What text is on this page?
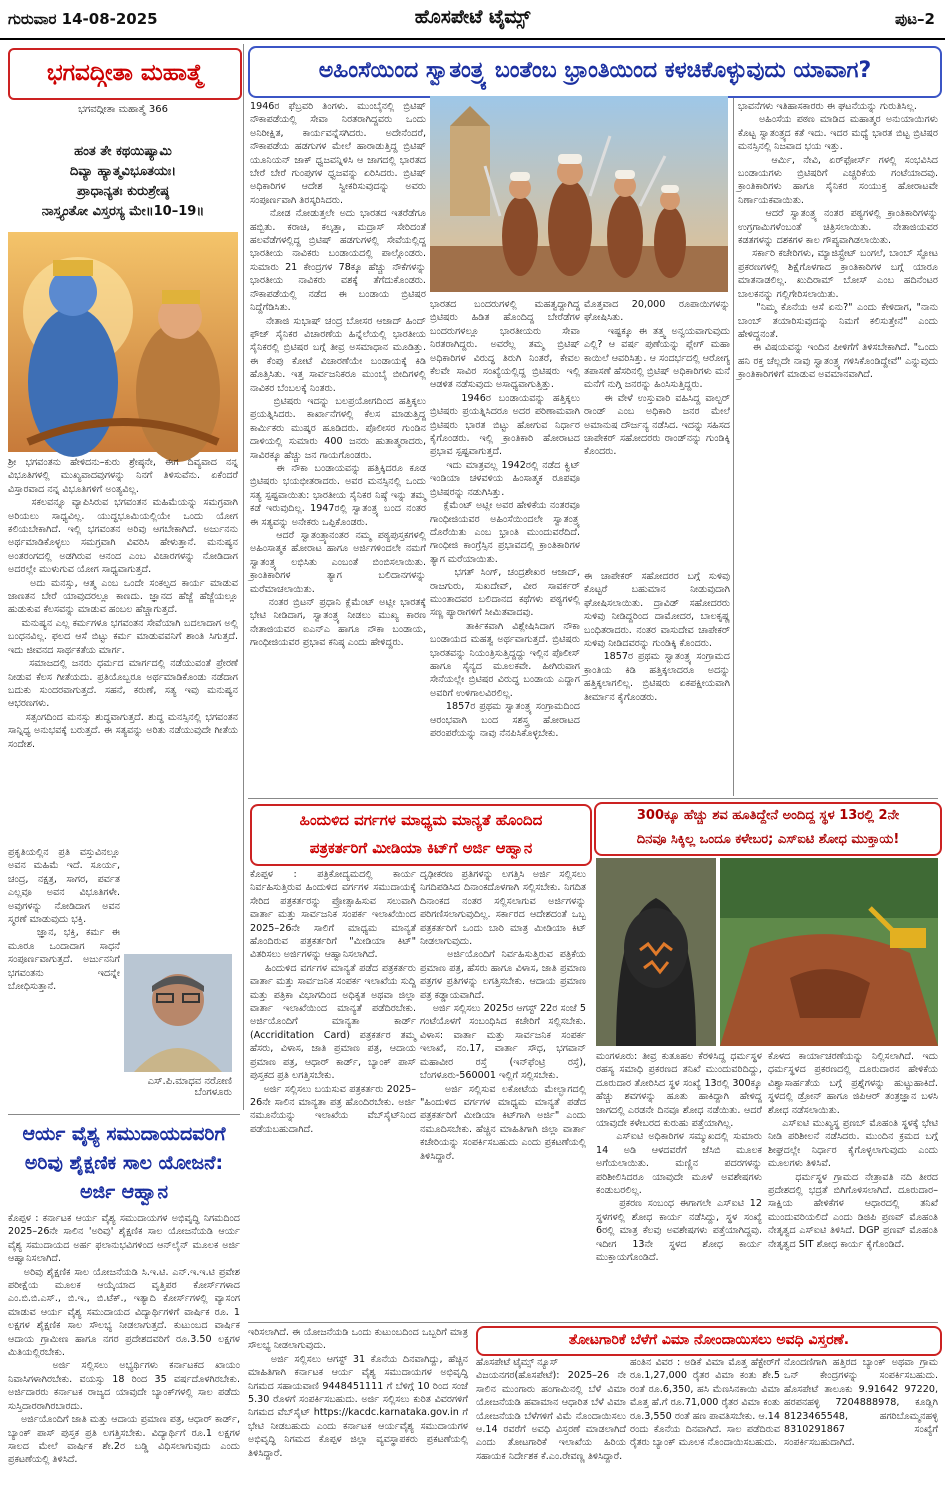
ಗುರುವಾರ 14-08-2025	ಹೊಸಪೇಟೆ ಟೈಮ್ಸ್	ಪುಟ–2
ಭಗವದ್ಗೀತಾ ಮಹಾತ್ಮೆ
ಭಗವದ್ಗೀತಾ ಮಹಾತ್ಮೆ 366
ಹಂತ ತೇ ಕಥಯಿಷ್ಯಾಮಿ
ದಿವ್ಯಾ ಹ್ಯಾತ್ಮವಿಭೂತಯಃ।
ಪ್ರಾಧಾನ್ಯತಃ ಕುರುಶ್ರೇಷ್ಠ
ನಾಸ್ತ್ಯಂತೋ ವಿಸ್ತರಸ್ಯ ಮೇ॥10–19॥

ಶ್ರೀ ಭಗವಂತನು ಹೇಳಿದನು–ಕುರು ಶ್ರೇಷ್ಠನೇ, ಈಗ ದಿವ್ಯವಾದ ನನ್ನ ವಿಭೂತಿಗಳಲ್ಲಿ ಮುಖ್ಯವಾದವುಗಳನ್ನು ನಿನಗೆ ತಿಳಿಸುವೆನು. ಏಕೆಂದರೆ ವಿಸ್ತಾರವಾದ ನನ್ನ ವಿಭೂತಿಗಳಿಗೆ ಅಂತ್ಯವಿಲ್ಲ.
ಸಕಲವನ್ನೂ ವ್ಯಾಪಿಸಿರುವ ಭಗವಂತನ ಮಹಿಮೆಯನ್ನು ಸಮಗ್ರವಾಗಿ ಅರಿಯಲು ಸಾಧ್ಯವಿಲ್ಲ. ಯುದ್ಧಭೂಮಿಯಲ್ಲಿಯೇ ಒಂದು ಯೋಗ ಕಲಿಯಬೇಕಾಗಿದೆ. ಇಲ್ಲಿ ಭಗವಂತನ ಅರಿವು ಆಗಬೇಕಾಗಿದೆ. ಅರ್ಜುನನು ಅರ್ಥಮಾಡಿಕೊಳ್ಳಲು ಸಮಗ್ರವಾಗಿ ವಿವರಿಸಿ ಹೇಳುತ್ತಾನೆ. ಮನುಷ್ಯನ ಅಂತರಂಗದಲ್ಲಿ ಅಡಗಿರುವ ಆನಂದ ಎಂಬ ವಿಚಾರಗಳನ್ನು ನೋಡಿದಾಗ ಅದರಲ್ಲೇ ಮುಳುಗುವ ಯೋಗ ಸಾಧ್ಯವಾಗುತ್ತದೆ.
ಅದು ಮನಸ್ಸು, ಆತ್ಮ ಎಂಬ ಒಂದೇ ಸಂಕಲ್ಪದ ಕಾರ್ಯ ಮಾಡುವ ಜಾಣತನ ಬೇರೆ ಯಾವುದರಲ್ಲೂ ಕಾಣದು. ಜ್ಞಾನದ ಹೆಜ್ಜೆ ಹೆಜ್ಜೆಯಲ್ಲೂ ಹುಡುಕುವ ಕೆಲಸವನ್ನು ಮಾಡುವ ಹಂಬಲ ಹೆಚ್ಚಾಗುತ್ತದೆ.
ಮನುಷ್ಯನ ಎಲ್ಲ ಕರ್ಮಗಳೂ ಭಗವಂತನ ಸೇವೆಯಾಗಿ ಬದಲಾದಾಗ ಅಲ್ಲಿ ಬಂಧನವಿಲ್ಲ. ಫಲದ ಆಸೆ ಬಿಟ್ಟು ಕರ್ಮ ಮಾಡುವವನಿಗೆ ಶಾಂತಿ ಸಿಗುತ್ತದೆ. ಇದು ಜೀವನದ ಸಾರ್ಥಕತೆಯ ಮಾರ್ಗ.
ಸಮಾಜದಲ್ಲಿ ಜನರು ಧರ್ಮದ ಮಾರ್ಗದಲ್ಲಿ ನಡೆಯುವಂತೆ ಪ್ರೇರಣೆ ನೀಡುವ ಕೆಲಸ ಗೀತೆಯದು. ಪ್ರತಿಯೊಬ್ಬರೂ ಅರ್ಥಮಾಡಿಕೊಂಡು ನಡೆದಾಗ ಬದುಕು ಸುಂದರವಾಗುತ್ತದೆ. ಸಹನೆ, ಕರುಣೆ, ಸತ್ಯ ಇವು ಮನುಷ್ಯನ ಆಭರಣಗಳು.
ಸತ್ಸಂಗದಿಂದ ಮನಸ್ಸು ಶುದ್ಧವಾಗುತ್ತದೆ. ಶುದ್ಧ ಮನಸ್ಸಿನಲ್ಲಿ ಭಗವಂತನ ಸಾನ್ನಿಧ್ಯ ಅನುಭವಕ್ಕೆ ಬರುತ್ತದೆ. ಈ ಸತ್ಯವನ್ನು ಅರಿತು ನಡೆಯುವುದೇ ಗೀತೆಯ ಸಂದೇಶ.

ಪ್ರಕೃತಿಯಲ್ಲಿನ ಪ್ರತಿ ವಸ್ತುವಿನಲ್ಲೂ ಅವನ ಮಹಿಮೆ ಇದೆ. ಸೂರ್ಯ, ಚಂದ್ರ, ನಕ್ಷತ್ರ, ಸಾಗರ, ಪರ್ವತ ಎಲ್ಲವೂ ಅವನ ವಿಭೂತಿಗಳೇ. ಅವುಗಳನ್ನು ನೋಡಿದಾಗ ಅವನ ಸ್ಮರಣೆ ಮಾಡುವುದು ಭಕ್ತಿ.
ಜ್ಞಾನ, ಭಕ್ತಿ, ಕರ್ಮ ಈ ಮೂರೂ ಒಂದಾದಾಗ ಸಾಧನೆ ಸಂಪೂರ್ಣವಾಗುತ್ತದೆ. ಅರ್ಜುನನಿಗೆ ಭಗವಂತನು ಇದನ್ನೇ ಬೋಧಿಸುತ್ತಾನೆ.

ಎಸ್.ಪಿ.ಮಾಧವ ನರೋಣಿ
ಬೆಂಗಳೂರು
ಅಹಿಂಸೆಯಿಂದ ಸ್ವಾತಂತ್ರ್ಯ ಬಂತೆಂಬ ಭ್ರಾಂತಿಯಿಂದ ಕಳಚಿಕೊಳ್ಳುವುದು ಯಾವಾಗ?

1946ರ ಫೆಬ್ರವರಿ ತಿಂಗಳು. ಮುಂಬೈನಲ್ಲಿ ಬ್ರಿಟಿಷ್ ನೌಕಾಪಡೆಯಲ್ಲಿ ಸೇವಾ ನಿರತರಾಗಿದ್ದವರು ಒಂದು ಅನಿರೀಕ್ಷಿತ, ಕಾರ್ಯವನ್ನೆಸಗಿದರು. ಅದೇನೆಂದರೆ, ನೌಕಾಪಡೆಯ ಹಡಗುಗಳ ಮೇಲೆ ಹಾರಾಡುತ್ತಿದ್ದ ಬ್ರಿಟಿಷ್ ಯೂನಿಯನ್ ಜಾಕ್ ಧ್ವಜವನ್ನಿಳಿಸಿ ಆ ಜಾಗದಲ್ಲಿ ಭಾರತದ ಬೇರೆ ಬೇರೆ ಗುಂಪುಗಳ ಧ್ವಜವನ್ನು ಏರಿಸಿದರು. ಬ್ರಿಟಿಷ್ ಅಧಿಕಾರಿಗಳ ಆದೇಶ ಸ್ವೀಕರಿಸುವುದನ್ನು ಅವರು ಸಂಪೂರ್ಣವಾಗಿ ತಿರಸ್ಕರಿಸಿದರು.
ನೋಡ ನೋಡುತ್ತಲೇ ಅದು ಭಾರತದ ಇತರೆಡೆಗೂ ಹಬ್ಬಿತು. ಕರಾಚಿ, ಕಲ್ಕತ್ತಾ, ಮದ್ರಾಸ್ ಸೇರಿದಂತೆ ಹಲವೆಡೆಗಳಲ್ಲಿದ್ದ ಬ್ರಿಟಿಷ್ ಹಡಗುಗಳಲ್ಲಿ ಸೇವೆಯಲ್ಲಿದ್ದ ಭಾರತೀಯ ನಾವಿಕರು ಬಂಡಾಯದಲ್ಲಿ ಪಾಲ್ಗೊಂಡರು. ಸುಮಾರು 21 ಕೇಂದ್ರಗಳ 78ಕ್ಕೂ ಹೆಚ್ಚು ನೌಕೆಗಳನ್ನು ಭಾರತೀಯ ನಾವಿಕರು ವಶಕ್ಕೆ ತೆಗೆದುಕೊಂಡರು. ನೌಕಾಪಡೆಯಲ್ಲಿ ನಡೆದ ಈ ಬಂಡಾಯ ಬ್ರಿಟಿಷರ ನಿದ್ದೆಗೆಡಿಸಿತು.
ನೇತಾಜಿ ಸುಭಾಷ್ ಚಂದ್ರ ಬೋಸರ ಆಜಾದ್ ಹಿಂದ್ ಫೌಜ್ ಸೈನಿಕರ ವಿಚಾರಣೆಯ ಹಿನ್ನೆಲೆಯಲ್ಲಿ ಭಾರತೀಯ ಸೈನಿಕರಲ್ಲಿ ಬ್ರಿಟಿಷರ ಬಗ್ಗೆ ತೀವ್ರ ಅಸಮಾಧಾನ ಮೂಡಿತ್ತು. ಈ ಕೆಂಪು ಕೋಟೆ ವಿಚಾರಣೆಯೇ ಬಂಡಾಯಕ್ಕೆ ಕಿಡಿ ಹೊತ್ತಿಸಿತು. ಇತ್ತ ಸಾರ್ವಜನಿಕರೂ ಮುಂಬೈ ಬೀದಿಗಳಲ್ಲಿ ನಾವಿಕರ ಬೆಂಬಲಕ್ಕೆ ನಿಂತರು.
ಬ್ರಿಟಿಷರು ಇದನ್ನು ಬಲಪ್ರಯೋಗದಿಂದ ಹತ್ತಿಕ್ಕಲು ಪ್ರಯತ್ನಿಸಿದರು. ಕಾರ್ಖಾನೆಗಳಲ್ಲಿ ಕೆಲಸ ಮಾಡುತ್ತಿದ್ದ ಕಾರ್ಮಿಕರು ಮುಷ್ಕರ ಹೂಡಿದರು. ಪೊಲೀಸರ ಗುಂಡಿನ ದಾಳಿಯಲ್ಲಿ ಸುಮಾರು 400 ಜನರು ಹುತಾತ್ಮರಾದರು, ಸಾವಿರಕ್ಕೂ ಹೆಚ್ಚು ಜನ ಗಾಯಗೊಂಡರು.
ಈ ನೌಕಾ ಬಂಡಾಯವನ್ನು ಹತ್ತಿಕ್ಕಿದರೂ ಕೂಡ ಬ್ರಿಟಿಷರು ಭಯಭೀತರಾದರು. ಅವರ ಮನಸ್ಸಿನಲ್ಲಿ ಒಂದು ಸತ್ಯ ಸ್ಪಷ್ಟವಾಯಿತು: ಭಾರತೀಯ ಸೈನಿಕರ ನಿಷ್ಠೆ ಇನ್ನು ತಮ್ಮ ಕಡೆ ಇರುವುದಿಲ್ಲ. 1947ರಲ್ಲಿ ಸ್ವಾತಂತ್ರ್ಯ ಬಂದ ನಂತರ ಈ ಸತ್ಯವನ್ನು ಅನೇಕರು ಒಪ್ಪಿಕೊಂಡರು.
ಆದರೆ ಸ್ವಾತಂತ್ರ್ಯಾನಂತರ ನಮ್ಮ ಪಠ್ಯಪುಸ್ತಕಗಳಲ್ಲಿ ಅಹಿಂಸಾತ್ಮಕ ಹೋರಾಟ ಹಾಗೂ ಅರ್ಜಿಗಳಿಂದಲೇ ನಮಗೆ ಸ್ವಾತಂತ್ರ್ಯ ಲಭಿಸಿತು ಎಂಬಂತೆ ಬಿಂಬಿಸಲಾಯಿತು. ಕ್ರಾಂತಿಕಾರಿಗಳ ತ್ಯಾಗ ಬಲಿದಾನಗಳನ್ನು ಮರೆಮಾಚಲಾಯಿತು.
ನಂತರ ಬ್ರಿಟನ್ ಪ್ರಧಾನಿ ಕ್ಲೆಮೆಂಟ್ ಅಟ್ಲೀ ಭಾರತಕ್ಕೆ ಭೇಟಿ ನೀಡಿದಾಗ, ಸ್ವಾತಂತ್ರ್ಯ ನೀಡಲು ಮುಖ್ಯ ಕಾರಣ ನೇತಾಜಿಯವರ ಐಎನ್‌ಎ ಹಾಗೂ ನೌಕಾ ಬಂಡಾಯ, ಗಾಂಧೀಜಿಯವರ ಪ್ರಭಾವ ಕನಿಷ್ಠ ಎಂದು ಹೇಳಿದ್ದರು.

ಭಾರತದ ಬಂದರುಗಳಲ್ಲಿ ಮಹತ್ವದ್ದಾಗಿದ್ದ ಬ್ರಿಟಿಷರು ಹಿಡಿತ ಹೊಂದಿದ್ದ ಬೇರೆಡೆಗಳ ಬಂದರುಗಳಲ್ಲೂ ಭಾರತೀಯರು ಸೇವಾ ನಿರತರಾಗಿದ್ದರು. ಅವರೆಲ್ಲ ತಮ್ಮ ಬ್ರಿಟಿಷ್ ಅಧಿಕಾರಿಗಳ ವಿರುದ್ಧ ತಿರುಗಿ ನಿಂತರೆ, ಕೇವಲ ಕೆಲವೇ ಸಾವಿರ ಸಂಖ್ಯೆಯಲ್ಲಿದ್ದ ಬ್ರಿಟಿಷರು ಇಲ್ಲಿ ಆಡಳಿತ ನಡೆಸುವುದು ಅಸಾಧ್ಯವಾಗುತ್ತಿತ್ತು.
1946ರ ಬಂಡಾಯವನ್ನು ಹತ್ತಿಕ್ಕಲು ಬ್ರಿಟಿಷರು ಪ್ರಯತ್ನಿಸಿದರೂ ಅದರ ಪರಿಣಾಮವಾಗಿ ಬ್ರಿಟಿಷರು ಭಾರತ ಬಿಟ್ಟು ಹೋಗುವ ನಿರ್ಧಾರ ಕೈಗೊಂಡರು. ಇಲ್ಲಿ ಕ್ರಾಂತಿಕಾರಿ ಹೋರಾಟದ ಪ್ರಭಾವ ಸ್ಪಷ್ಟವಾಗುತ್ತದೆ.
ಇದು ಮಾತ್ರವಲ್ಲ 1942ರಲ್ಲಿ ನಡೆದ ಕ್ವಿಟ್ ಇಂಡಿಯಾ ಚಳವಳಿಯ ಹಿಂಸಾತ್ಮಕ ರೂಪವೂ ಬ್ರಿಟಿಷರನ್ನು ನಡುಗಿಸಿತ್ತು.
ಕ್ಲೆಮೆಂಟ್ ಅಟ್ಲೀ ಅವರ ಹೇಳಿಕೆಯ ನಂತರವೂ ಗಾಂಧೀಜಿಯವರ ಅಹಿಂಸೆಯಿಂದಲೇ ಸ್ವಾತಂತ್ರ್ಯ ದೊರೆಯಿತು ಎಂಬ ಭ್ರಾಂತಿ ಮುಂದುವರೆದಿದೆ. ಗಾಂಧೀಜಿ ಕಾಂಗ್ರೆಸ್ಸಿನ ಪ್ರಭಾವದಲ್ಲಿ ಕ್ರಾಂತಿಕಾರಿಗಳ ತ್ಯಾಗ ಮರೆಯಾಯಿತು.
ಭಗತ್ ಸಿಂಗ್, ಚಂದ್ರಶೇಖರ ಆಜಾದ್, ರಾಜಗುರು, ಸುಖದೇವ್, ವೀರ ಸಾವರ್ಕರ್ ಮುಂತಾದವರ ಬಲಿದಾನದ ಕಥೆಗಳು ಪಠ್ಯಗಳಲ್ಲಿ ಸಣ್ಣ ಪ್ಯಾರಾಗಳಿಗೆ ಸೀಮಿತವಾದವು.
ತಾರ್ಕಿಕವಾಗಿ ವಿಶ್ಲೇಷಿಸಿದಾಗ ನೌಕಾ ಬಂಡಾಯದ ಮಹತ್ವ ಅರ್ಥವಾಗುತ್ತದೆ. ಬ್ರಿಟಿಷರು ಭಾರತವನ್ನು ನಿಯಂತ್ರಿಸುತ್ತಿದ್ದದ್ದು ಇಲ್ಲಿನ ಪೊಲೀಸ್ ಹಾಗೂ ಸೈನ್ಯದ ಮೂಲಕವೇ. ಹೀಗಿರುವಾಗ ಸೇನೆಯಲ್ಲೇ ಬ್ರಿಟಿಷರ ವಿರುದ್ಧ ಬಂಡಾಯ ಎದ್ದಾಗ ಅವರಿಗೆ ಉಳಿಗಾಲವಿರಲಿಲ್ಲ.
1857ರ ಪ್ರಥಮ ಸ್ವಾತಂತ್ರ್ಯ ಸಂಗ್ರಾಮದಿಂದ ಆರಂಭವಾಗಿ ಬಂದ ಸಶಸ್ತ್ರ ಹೋರಾಟದ ಪರಂಪರೆಯನ್ನು ನಾವು ನೆನಪಿಸಿಕೊಳ್ಳಬೇಕು.

ಮೊತ್ತವಾದ 20,000 ರೂಪಾಯಿಗಳನ್ನು ಘೋಷಿಸಿತು.
ಇಷ್ಟಕ್ಕೂ ಈ ತತ್ತ್ವ ಅನ್ವಯವಾಗುವುದು ಎಲ್ಲಿ? ಆ ವರ್ಷ ಪುಣೆಯನ್ನು ಪ್ಲೇಗ್ ಮಹಾ ಕಾಯಿಲೆ ಆವರಿಸಿತ್ತು. ಆ ಸಂದರ್ಭದಲ್ಲಿ ಆರೋಗ್ಯ ತಪಾಸಣೆ ಹೆಸರಿನಲ್ಲಿ ಬ್ರಿಟಿಷ್ ಅಧಿಕಾರಿಗಳು ಮನೆ ಮನೆಗೆ ನುಗ್ಗಿ ಜನರನ್ನು ಹಿಂಸಿಸುತ್ತಿದ್ದರು.
ಈ ವೇಳೆ ಉಸ್ತುವಾರಿ ವಹಿಸಿದ್ದ ವಾಲ್ಟರ್ ರಾಂಡ್ ಎಂಬ ಅಧಿಕಾರಿ ಜನರ ಮೇಲೆ ಅಮಾನುಷ ದೌರ್ಜನ್ಯ ನಡೆಸಿದ. ಇದನ್ನು ಸಹಿಸದ ಚಾಪೇಕರ್ ಸಹೋದರರು ರಾಂಡ್‌ನನ್ನು ಗುಂಡಿಕ್ಕಿ ಕೊಂದರು.

ಈ ಚಾಪೇಕರ್ ಸಹೋದರರ ಬಗ್ಗೆ ಸುಳಿವು ಕೊಟ್ಟರೆ ಬಹುಮಾನ ನೀಡುವುದಾಗಿ ಘೋಷಿಸಲಾಯಿತು. ದ್ರಾವಿಡ್ ಸಹೋದರರು ಸುಳಿವು ನೀಡಿದ್ದರಿಂದ ದಾಮೋದರ, ಬಾಲಕೃಷ್ಣ ಬಂಧಿತರಾದರು. ನಂತರ ವಾಸುದೇವ ಚಾಪೇಕರ್ ಸುಳಿವು ನೀಡಿದವರನ್ನು ಗುಂಡಿಕ್ಕಿ ಕೊಂದರು.
1857ರ ಪ್ರಥಮ ಸ್ವಾತಂತ್ರ್ಯ ಸಂಗ್ರಾಮದ ಕ್ರಾಂತಿಯ ಕಿಡಿ ಹತ್ತಿಕ್ಕಲಾದರೂ ಅದನ್ನು ಹತ್ತಿಕ್ಕಲಾಗಲಿಲ್ಲ. ಬ್ರಿಟಿಷರು ಏಕಪಕ್ಷೀಯವಾಗಿ ತೀರ್ಮಾನ ಕೈಗೊಂಡರು.

ಭಾವನೆಗಳು ಇತಿಹಾಸಕಾರರು ಈ ಘಟನೆಯನ್ನು ಗುರುತಿಸಿಲ್ಲ.
ಅಹಿಂಸೆಯ ಪಠಣ ಮಾಡಿದ ಮಹಾತ್ಮರ ಅನುಯಾಯಿಗಳು ಕೊಟ್ಟ ಸ್ವಾತಂತ್ರ್ಯದ ಕತೆ ಇದು. ಇದರ ಮಧ್ಯೆ ಭಾರತ ಬಿಟ್ಟ ಬ್ರಿಟಿಷರ ಮನಸ್ಸಿನಲ್ಲಿ ನಿಜವಾದ ಭಯ ಇತ್ತು.
ಆರ್ಮಿ, ನೇವಿ, ಏರ್‌ಫೋರ್ಸ್ ಗಳಲ್ಲಿ ಸಂಭವಿಸಿದ ಬಂಡಾಯಗಳು ಬ್ರಿಟಿಷರಿಗೆ ಎಚ್ಚರಿಕೆಯ ಗಂಟೆಯಾದವು. ಕ್ರಾಂತಿಕಾರಿಗಳು ಹಾಗೂ ಸೈನಿಕರ ಸಂಯುಕ್ತ ಹೋರಾಟವೇ ನಿರ್ಣಾಯಕವಾಯಿತು.
ಆದರೆ ಸ್ವಾತಂತ್ರ್ಯ ನಂತರ ಪಠ್ಯಗಳಲ್ಲಿ ಕ್ರಾಂತಿಕಾರಿಗಳನ್ನು ಉಗ್ರಗಾಮಿಗಳೆಂಬಂತೆ ಚಿತ್ರಿಸಲಾಯಿತು. ನೇತಾಜಿಯವರ ಕಡತಗಳನ್ನು ದಶಕಗಳ ಕಾಲ ಗೌಪ್ಯವಾಗಿಡಲಾಯಿತು.
ಸರ್ಕಾರಿ ಕಚೇರಿಗಳು, ಮ್ಯಾಜಿಸ್ಟ್ರೇಟ್ ಬಂಗಲೆ, ಬಾಂಬ್ ಸ್ಫೋಟ ಪ್ರಕರಣಗಳಲ್ಲಿ ಶಿಕ್ಷೆಗೊಳಗಾದ ಕ್ರಾಂತಿಕಾರಿಗಳ ಬಗ್ಗೆ ಯಾರೂ ಮಾತನಾಡಲಿಲ್ಲ. ಖುದಿರಾಮ್ ಬೋಸ್ ಎಂಬ ಹದಿನೆಂಟರ ಬಾಲಕನನ್ನು ಗಲ್ಲಿಗೇರಿಸಲಾಯಿತು.
"ನಿಮ್ಮ ಕೊನೆಯ ಆಸೆ ಏನು?" ಎಂದು ಕೇಳಿದಾಗ, "ನಾನು ಬಾಂಬ್ ತಯಾರಿಸುವುದನ್ನು ನಿಮಗೆ ಕಲಿಸುತ್ತೇನೆ" ಎಂದು ಹೇಳಿದ್ದನಂತೆ.
ಈ ವಿಷಯವನ್ನು ಇಂದಿನ ಪೀಳಿಗೆಗೆ ತಿಳಿಸಬೇಕಾಗಿದೆ. "ಒಂದು ಹನಿ ರಕ್ತ ಚೆಲ್ಲದೇ ನಾವು ಸ್ವಾತಂತ್ರ್ಯ ಗಳಿಸಿಕೊಂಡಿದ್ದೇವೆ" ಎನ್ನುವುದು ಕ್ರಾಂತಿಕಾರಿಗಳಿಗೆ ಮಾಡುವ ಅವಮಾನವಾಗಿದೆ.

ಹಿಂದುಳಿದ ವರ್ಗಗಳ ಮಾಧ್ಯಮ ಮಾನ್ಯತೆ ಹೊಂದಿದ
ಪತ್ರಕರ್ತರಿಗೆ ಮೀಡಿಯಾ ಕಿಟ್‌ಗೆ ಅರ್ಜಿ ಆಹ್ವಾನ

ಕೊಪ್ಪಳ : ಪತ್ರಿಕೋದ್ಯಮದಲ್ಲಿ ಕಾರ್ಯ ನಿರ್ವಹಿಸುತ್ತಿರುವ ಹಿಂದುಳಿದ ವರ್ಗಗಳ ಸಮುದಾಯಕ್ಕೆ ಸೇರಿದ ಪತ್ರಕರ್ತರನ್ನು ಪ್ರೋತ್ಸಾಹಿಸುವ ಸಲುವಾಗಿ ವಾರ್ತಾ ಮತ್ತು ಸಾರ್ವಜನಿಕ ಸಂಪರ್ಕ ಇಲಾಖೆಯಿಂದ 2025–26ನೇ ಸಾಲಿಗೆ ಮಾಧ್ಯಮ ಮಾನ್ಯತೆ ಹೊಂದಿರುವ ಪತ್ರಕರ್ತರಿಗೆ "ಮೀಡಿಯಾ ಕಿಟ್" ವಿತರಿಸಲು ಅರ್ಜಿಗಳನ್ನು ಆಹ್ವಾನಿಸಲಾಗಿದೆ.
ಹಿಂದುಳಿದ ವರ್ಗಗಳ ಮಾನ್ಯತೆ ಪಡೆದ ಪತ್ರಕರ್ತರು ವಾರ್ತಾ ಮತ್ತು ಸಾರ್ವಜನಿಕ ಸಂಪರ್ಕ ಇಲಾಖೆಯ ಸುದ್ದಿ ಮತ್ತು ಪತ್ರಿಕಾ ವಿಭಾಗದಿಂದ ಅಧಿಕೃತ ಅಥವಾ ಜಿಲ್ಲಾ ವಾರ್ತಾ ಇಲಾಖೆಯಿಂದ ಮಾನ್ಯತೆ ಪಡೆದಿರಬೇಕು. ಅರ್ಜಿಯೊಂದಿಗೆ ಮಾನ್ಯತಾ ಕಾರ್ಡ್ (Accriditation Card) ಪತ್ರಕರ್ತರ ತಮ್ಮ ಹೆಸರು, ವಿಳಾಸ, ಜಾತಿ ಪ್ರಮಾಣ ಪತ್ರ, ಆದಾಯ ಪ್ರಮಾಣ ಪತ್ರ, ಆಧಾರ್ ಕಾರ್ಡ್, ಬ್ಯಾಂಕ್ ಪಾಸ್ ಪುಸ್ತಕದ ಪ್ರತಿ ಲಗತ್ತಿಸಬೇಕು.
ಅರ್ಜಿ ಸಲ್ಲಿಸಲು ಬಯಸುವ ಪತ್ರಕರ್ತರು 2025–26ನೇ ಸಾಲಿನ ಮಾನ್ಯತಾ ಪತ್ರ ಹೊಂದಿರಬೇಕು. ಅರ್ಜಿ ನಮೂನೆಯನ್ನು ಇಲಾಖೆಯ ವೆಬ್‌ಸೈಟ್‌ನಿಂದ ಪಡೆಯಬಹುದಾಗಿದೆ.

ದೃಢೀಕರಣ ಪ್ರತಿಗಳನ್ನು ಲಗತ್ತಿಸಿ ಅರ್ಜಿ ಸಲ್ಲಿಸಲು ನಿಗದಿಪಡಿಸಿದ ದಿನಾಂಕದೊಳಗಾಗಿ ಸಲ್ಲಿಸಬೇಕು. ನಿಗದಿತ ದಿನಾಂಕದ ನಂತರ ಸಲ್ಲಿಸಲಾಗುವ ಅರ್ಜಿಗಳನ್ನು ಪರಿಗಣಿಸಲಾಗುವುದಿಲ್ಲ. ಸರ್ಕಾರದ ಆದೇಶದಂತೆ ಒಬ್ಬ ಪತ್ರಕರ್ತರಿಗೆ ಒಂದು ಬಾರಿ ಮಾತ್ರ ಮೀಡಿಯಾ ಕಿಟ್ ನೀಡಲಾಗುವುದು.
ಅರ್ಜಿಯೊಂದಿಗೆ ನಿರ್ವಹಿಸುತ್ತಿರುವ ಪತ್ರಿಕೆಯ ಪ್ರಮಾಣ ಪತ್ರ, ಹೆಸರು ಹಾಗೂ ವಿಳಾಸ, ಜಾತಿ ಪ್ರಮಾಣ ಪತ್ರಗಳ ಪ್ರತಿಗಳನ್ನು ಲಗತ್ತಿಸಬೇಕು. ಆದಾಯ ಪ್ರಮಾಣ ಪತ್ರ ಕಡ್ಡಾಯವಾಗಿದೆ.
ಅರ್ಜಿ ಸಲ್ಲಿಸಲು 2025ರ ಆಗಸ್ಟ್ 22ರ ಸಂಜೆ 5 ಗಂಟೆಯೊಳಗೆ ಸಂಬಂಧಿಸಿದ ಕಚೇರಿಗೆ ಸಲ್ಲಿಸಬೇಕು. ವಿಳಾಸ: ವಾರ್ತಾ ಮತ್ತು ಸಾರ್ವಜನಿಕ ಸಂಪರ್ಕ ಇಲಾಖೆ, ನಂ.17, ವಾರ್ತಾ ಸೌಧ, ಭಗವಾನ್ ಮಹಾವೀರ ರಸ್ತೆ (ಇನ್‌ಫೆಂಟ್ರಿ ರಸ್ತೆ), ಬೆಂಗಳೂರು-560001 ಇಲ್ಲಿಗೆ ಸಲ್ಲಿಸಬೇಕು.
ಅರ್ಜಿ ಸಲ್ಲಿಸುವ ಲಕೋಟೆಯ ಮೇಲ್ಭಾಗದಲ್ಲಿ "ಹಿಂದುಳಿದ ವರ್ಗಗಳ ಮಾಧ್ಯಮ ಮಾನ್ಯತೆ ಪಡೆದ ಪತ್ರಕರ್ತರಿಗೆ ಮೀಡಿಯಾ ಕಿಟ್‌ಗಾಗಿ ಅರ್ಜಿ" ಎಂದು ನಮೂದಿಸಬೇಕು. ಹೆಚ್ಚಿನ ಮಾಹಿತಿಗಾಗಿ ಜಿಲ್ಲಾ ವಾರ್ತಾ ಕಚೇರಿಯನ್ನು ಸಂಪರ್ಕಿಸಬಹುದು ಎಂದು ಪ್ರಕಟಣೆಯಲ್ಲಿ ತಿಳಿಸಿದ್ದಾರೆ.

300ಕ್ಕೂ ಹೆಚ್ಚು ಶವ ಹೂತಿದ್ದೇನೆ ಅಂದಿದ್ದ ಸ್ಥಳ 13ರಲ್ಲಿ 2ನೇ
ದಿನವೂ ಸಿಕ್ಕಿಲ್ಲ ಒಂದೂ ಕಳೇಬರ; ಎಸ್‌ಐಟಿ ಶೋಧ ಮುಕ್ತಾಯ!

ಮಂಗಳೂರು: ತೀವ್ರ ಕುತೂಹಲ ಕೆರಳಿಸಿದ್ದ ಧರ್ಮಸ್ಥಳ ರಹಸ್ಯ ಸಮಾಧಿ ಪ್ರಕರಣದ ತನಿಖೆ ಮುಂದುವರಿದಿದ್ದು, ದೂರುದಾರ ತೋರಿಸಿದ ಸ್ಥಳ ಸಂಖ್ಯೆ 13ರಲ್ಲಿ 300ಕ್ಕೂ ಹೆಚ್ಚು ಶವಗಳನ್ನು ಹೂತು ಹಾಕಿದ್ದಾಗಿ ಹೇಳಿದ್ದ ಜಾಗದಲ್ಲಿ ಎರಡನೇ ದಿನವೂ ಶೋಧ ನಡೆಯಿತು. ಆದರೆ ಯಾವುದೇ ಕಳೇಬರದ ಕುರುಹು ಪತ್ತೆಯಾಗಿಲ್ಲ.
ಎಸ್‌ಐಟಿ ಅಧಿಕಾರಿಗಳ ಸಮ್ಮುಖದಲ್ಲಿ ಸುಮಾರು 14 ಅಡಿ ಆಳದವರೆಗೆ ಜೆಸಿಬಿ ಮೂಲಕ ಅಗೆಯಲಾಯಿತು. ಮಣ್ಣಿನ ಪದರಗಳನ್ನು ಪರಿಶೀಲಿಸಿದರೂ ಯಾವುದೇ ಮೂಳೆ ಅವಶೇಷಗಳು ಕಂಡುಬರಲಿಲ್ಲ.
ಪ್ರಕರಣ ಸಂಬಂಧ ಈಗಾಗಲೇ ಎಸ್‌ಐಟಿ 12 ಸ್ಥಳಗಳಲ್ಲಿ ಶೋಧ ಕಾರ್ಯ ನಡೆಸಿದ್ದು, ಸ್ಥಳ ಸಂಖ್ಯೆ 6ರಲ್ಲಿ ಮಾತ್ರ ಕೆಲವು ಅವಶೇಷಗಳು ಪತ್ತೆಯಾಗಿದ್ದವು. ಇದೀಗ 13ನೇ ಸ್ಥಳದ ಶೋಧ ಕಾರ್ಯ ಮುಕ್ತಾಯಗೊಂಡಿದೆ.

ಕೊಳದ ಕಾರ್ಯಾಚರಣೆಯನ್ನು ನಿಲ್ಲಿಸಲಾಗಿದೆ. ಇದು ಧರ್ಮಸ್ಥಳದ ಪ್ರಕರಣದಲ್ಲಿ ದೂರುದಾರನ ಹೇಳಿಕೆಯ ವಿಶ್ವಾಸಾರ್ಹತೆಯ ಬಗ್ಗೆ ಪ್ರಶ್ನೆಗಳನ್ನು ಹುಟ್ಟುಹಾಕಿದೆ. ಸ್ಥಳದಲ್ಲಿ ಡ್ರೋನ್ ಹಾಗೂ ಜಿಪಿಆರ್ ತಂತ್ರಜ್ಞಾನ ಬಳಸಿ ಶೋಧ ನಡೆಸಲಾಯಿತು.
ಎಸ್‌ಐಟಿ ಮುಖ್ಯಸ್ಥ ಪ್ರಣಬ್ ಮೊಹಂತಿ ಸ್ಥಳಕ್ಕೆ ಭೇಟಿ ನೀಡಿ ಪರಿಶೀಲನೆ ನಡೆಸಿದರು. ಮುಂದಿನ ಕ್ರಮದ ಬಗ್ಗೆ ಶೀಘ್ರದಲ್ಲೇ ನಿರ್ಧಾರ ಕೈಗೊಳ್ಳಲಾಗುವುದು ಎಂದು ಮೂಲಗಳು ತಿಳಿಸಿವೆ.
ಧರ್ಮಸ್ಥಳ ಗ್ರಾಮದ ನೇತ್ರಾವತಿ ನದಿ ತೀರದ ಪ್ರದೇಶದಲ್ಲಿ ಭದ್ರತೆ ಬಿಗಿಗೊಳಿಸಲಾಗಿದೆ. ದೂರುದಾರ–ಸಾಕ್ಷಿಯ ಹೇಳಿಕೆಗಳ ಆಧಾರದಲ್ಲಿ ತನಿಖೆ ಮುಂದುವರಿಯಲಿದೆ ಎಂದು ಡಿಜಿಪಿ ಪ್ರಣವ್ ಮೊಹಂತಿ ನೇತೃತ್ವದ ಎಸ್‌ಐಟಿ ತಿಳಿಸಿದೆ. DGP ಪ್ರಣವ್ ಮೊಹಂತಿ ನೇತೃತ್ವದ SIT ಶೋಧ ಕಾರ್ಯ ಕೈಗೊಂಡಿದೆ.

ಆರ್ಯ ವೈಶ್ಯ ಸಮುದಾಯದವರಿಗೆ
ಅರಿವು ಶೈಕ್ಷಣಿಕ ಸಾಲ ಯೋಜನೆ:
ಅರ್ಜಿ ಆಹ್ವಾನ

ಕೊಪ್ಪಳ : ಕರ್ನಾಟಕ ಆರ್ಯ ವೈಶ್ಯ ಸಮುದಾಯಗಳ ಅಭಿವೃದ್ಧಿ ನಿಗಮದಿಂದ 2025–26ನೇ ಸಾಲಿನ 'ಅರಿವು' ಶೈಕ್ಷಣಿಕ ಸಾಲ ಯೋಜನೆಯಡಿ ಆರ್ಯ ವೈಶ್ಯ ಸಮುದಾಯದ ಅರ್ಹ ಫಲಾನುಭವಿಗಳಿಂದ ಆನ್‌ಲೈನ್ ಮೂಲಕ ಅರ್ಜಿ ಆಹ್ವಾನಿಸಲಾಗಿದೆ.
ಅರಿವು ಶೈಕ್ಷಣಿಕ ಸಾಲ ಯೋಜನೆಯಡಿ ಸಿ.ಇ.ಟಿ. ಎನ್.ಇ.ಇ.ಟಿ ಪ್ರವೇಶ ಪರೀಕ್ಷೆಯ ಮೂಲಕ ಆಯ್ಕೆಯಾದ ವೃತ್ತಿಪರ ಕೋರ್ಸ್‌ಗಳಾದ ಎಂ.ಬಿ.ಬಿ.ಎಸ್., ಬಿ.ಇ., ಬಿ.ಟೆಕ್., ಇತ್ಯಾದಿ ಕೋರ್ಸ್‌ಗಳಲ್ಲಿ ವ್ಯಾಸಂಗ ಮಾಡುವ ಆರ್ಯ ವೈಶ್ಯ ಸಮುದಾಯದ ವಿದ್ಯಾರ್ಥಿಗಳಿಗೆ ವಾರ್ಷಿಕ ರೂ. 1 ಲಕ್ಷಗಳ ಶೈಕ್ಷಣಿಕ ಸಾಲ ಸೌಲಭ್ಯ ನೀಡಲಾಗುತ್ತದೆ. ಕುಟುಂಬದ ವಾರ್ಷಿಕ ಆದಾಯ ಗ್ರಾಮೀಣ ಹಾಗೂ ನಗರ ಪ್ರದೇಶದವರಿಗೆ ರೂ.3.50 ಲಕ್ಷಗಳ ಮಿತಿಯಲ್ಲಿರಬೇಕು.
ಅರ್ಜಿ ಸಲ್ಲಿಸಲು ಅಭ್ಯರ್ಥಿಗಳು ಕರ್ನಾಟಕದ ಖಾಯಂ ನಿವಾಸಿಗಳಾಗಿರಬೇಕು. ವಯಸ್ಸು 18 ರಿಂದ 35 ವರ್ಷದೊಳಗಿರಬೇಕು. ಅರ್ಜಿದಾರರು ಕರ್ನಾಟಕ ರಾಜ್ಯದ ಯಾವುದೇ ಬ್ಯಾಂಕ್‌ಗಳಲ್ಲಿ ಸಾಲ ಪಡೆದು ಸುಸ್ತಿದಾರರಾಗಿರಬಾರದು.
ಅರ್ಜಿಯೊಂದಿಗೆ ಜಾತಿ ಮತ್ತು ಆದಾಯ ಪ್ರಮಾಣ ಪತ್ರ, ಆಧಾರ್ ಕಾರ್ಡ್, ಬ್ಯಾಂಕ್ ಪಾಸ್ ಪುಸ್ತಕ ಪ್ರತಿ ಲಗತ್ತಿಸಬೇಕು. ವಿದ್ಯಾರ್ಥಿಗೆ ರೂ.1 ಲಕ್ಷಗಳ ಸಾಲದ ಮೇಲೆ ವಾರ್ಷಿಕ ಶೇ.2ರ ಬಡ್ಡಿ ವಿಧಿಸಲಾಗುವುದು ಎಂದು ಪ್ರಕಟಣೆಯಲ್ಲಿ ತಿಳಿಸಿದೆ.

ಇರಿಸಲಾಗಿದೆ. ಈ ಯೋಜನೆಯಡಿ ಒಂದು ಕುಟುಂಬದಿಂದ ಒಬ್ಬರಿಗೆ ಮಾತ್ರ ಸೌಲಭ್ಯ ನೀಡಲಾಗುವುದು.
ಅರ್ಜಿ ಸಲ್ಲಿಸಲು ಆಗಸ್ಟ್ 31 ಕೊನೆಯ ದಿನವಾಗಿದ್ದು, ಹೆಚ್ಚಿನ ಮಾಹಿತಿಗಾಗಿ ಕರ್ನಾಟಕ ಆರ್ಯ ವೈಶ್ಯ ಸಮುದಾಯಗಳ ಅಭಿವೃದ್ಧಿ ನಿಗಮದ ಸಹಾಯವಾಣಿ 9448451111 ಗೆ ಬೆಳಿಗ್ಗೆ 10 ರಿಂದ ಸಂಜೆ 5.30 ರೊಳಗೆ ಸಂಪರ್ಕಿಸಬಹುದು. ಅರ್ಜಿ ಸಲ್ಲಿಸಲು ಕುರಿತ ವಿವರಗಳಿಗೆ ನಿಗಮದ ವೆಬ್‌ಸೈಟ್ https://kacdc.karnataka.gov.in ಗೆ ಭೇಟಿ ನೀಡಬಹುದು ಎಂದು ಕರ್ನಾಟಕ ಆರ್ಯವೈಶ್ಯ ಸಮುದಾಯಗಳ ಅಭಿವೃದ್ಧಿ ನಿಗಮದ ಕೊಪ್ಪಳ ಜಿಲ್ಲಾ ವ್ಯವಸ್ಥಾಪಕರು ಪ್ರಕಟಣೆಯಲ್ಲಿ ತಿಳಿಸಿದ್ದಾರೆ.

ತೋಟಗಾರಿಕೆ ಬೆಳೆಗೆ ವಿಮಾ ನೋಂದಾಯಿಸಲು ಅವಧಿ ವಿಸ್ತರಣೆ.

ಹೊಸಪೇಟೆ ಟೈಮ್ಸ್ ನ್ಯೂಸ್
ವಿಜಯನಗರ(ಹೊಸಪೇಟೆ): 2025–26 ನೇ ಸಾಲಿನ ಮುಂಗಾರು ಹಂಗಾಮಿನಲ್ಲಿ ಬೆಳೆ ವಿಮಾ ಯೋಜನೆಯಡಿ ಹವಾಮಾನ ಆಧಾರಿತ ಬೆಳೆ ವಿಮಾ ಯೋಜನೆಯಡಿ ಬೆಳೆಗಳಿಗೆ ವಿಮೆ ನೊಂದಾಯಿಸಲು ಆ.14 ರವರೆಗೆ ಅವಧಿ ವಿಸ್ತರಣೆ ಮಾಡಲಾಗಿದೆ ಎಂದು ತೋಟಗಾರಿಕೆ ಇಲಾಖೆಯ ಹಿರಿಯ ಸಹಾಯಕ ನಿರ್ದೇಶಕ ಕೆ.ಎಂ.ರೇವಣ್ಣ ತಿಳಿಸಿದ್ದಾರೆ.

ಹಂತಿನ ವಿವರ : ಅಡಿಕೆ ವಿಮಾ ಮೊತ್ತ ಹೆಕ್ಟೇರ್‌ಗೆ ರೂ.1,27,000 ರೈತರ ವಿಮಾ ಕಂತು ಶೇ.5 ರಂತೆ ರೂ.6,350, ಹಸಿ ಮೆಣಸಿನಕಾಯಿ ವಿಮಾ ಮೊತ್ತ ಹೆ.ಗೆ ರೂ.71,000 ರೈತರ ವಿಮಾ ಕಂತು ರೂ.3,550 ರಂತೆ ಹಣ ಪಾವತಿಸಬೇಕು. ಆ.14 ರಂದು ಕೊನೆಯ ದಿನವಾಗಿದೆ. ಸಾಲ ಪಡೆದಿರುವ ರೈತರು ಬ್ಯಾಂಕ್ ಮೂಲಕ ನೊಂದಾಯಿಸಬಹುದು.

ನೊಂದಣಿಗಾಗಿ ಹತ್ತಿರದ ಬ್ಯಾಂಕ್ ಅಥವಾ ಗ್ರಾಮ ಒನ್ ಕೇಂದ್ರಗಳನ್ನು ಸಂಪರ್ಕಿಸಬಹುದು. ಹೊಸಪೇಟೆ ತಾಲೂಕು 9.91642 97220, ಹರಪನಹಳ್ಳಿ 7204888978, ಕೂಡ್ಲಿಗಿ 8123465548, ಹಗರಿಬೊಮ್ಮನಹಳ್ಳಿ 8310291867 ಸಂಖ್ಯೆಗೆ ಸಂಪರ್ಕಿಸಬಹುದಾಗಿದೆ.
